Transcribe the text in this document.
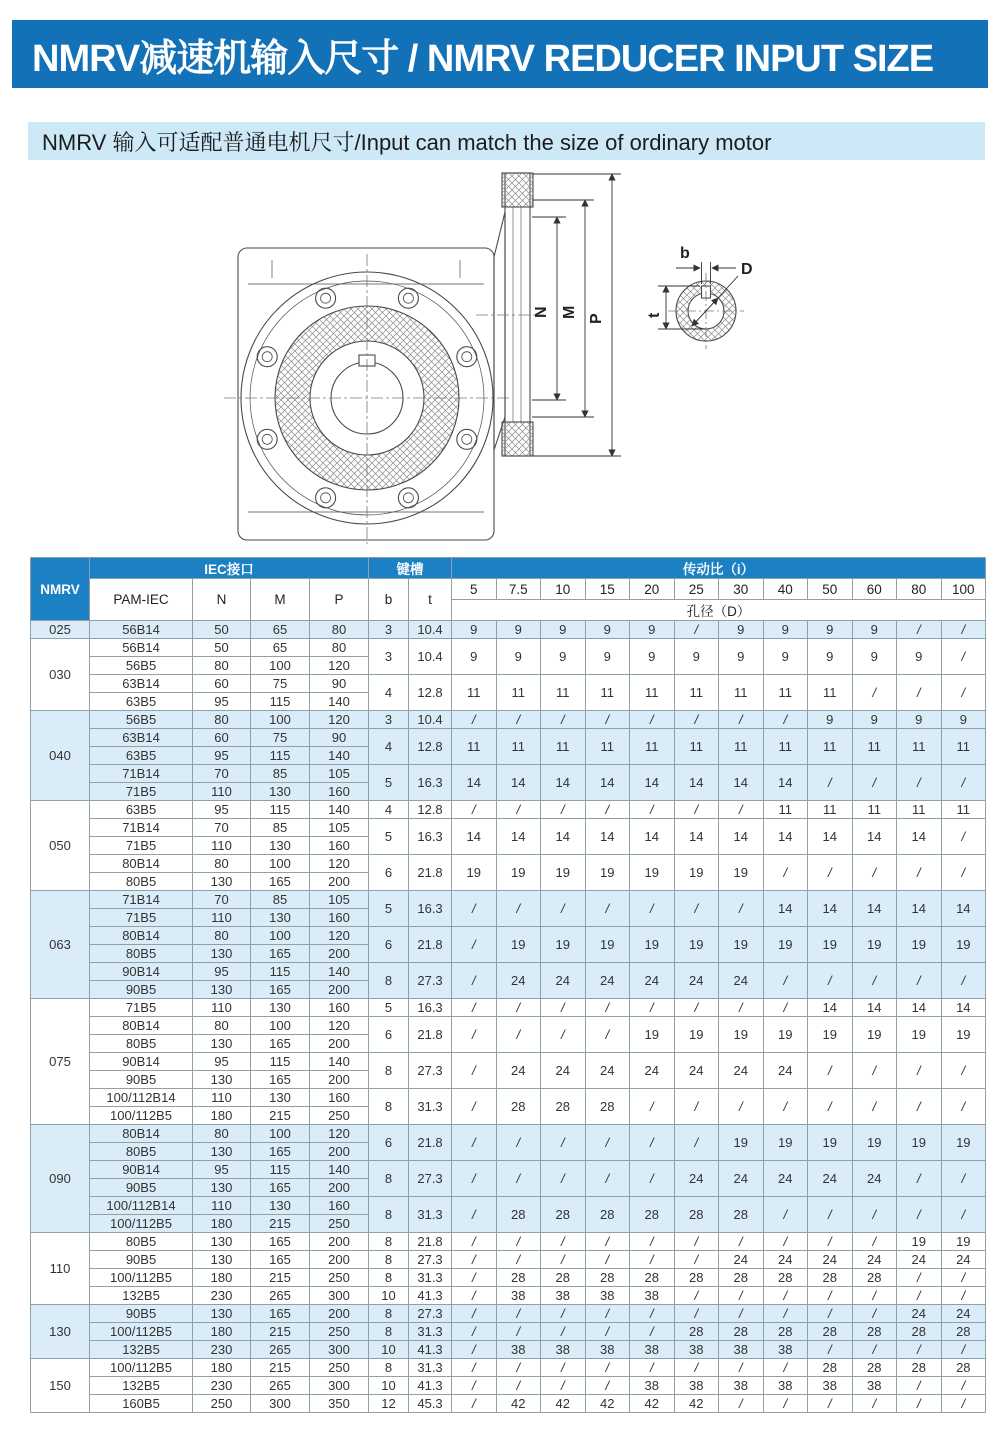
NMRV减速机输入尺寸 / NMRV REDUCER INPUT SIZE
NMRV 输入可适配普通电机尺寸/Input can match the size of ordinary motor
N M P
b
D
t
NMRV	IEC接口				键槽		传动比（i）											
	PAM-IEC	N	M	P	b	t	5	7.5	10	15	20	25	30	40	50	60	80	100
							孔径（D）											
025	56B14	50	65	80	3	10.4	9	9	9	9	9	/	9	9	9	9	/	/
030	56B14	50	65	80	3	10.4	9	9	9	9	9	9	9	9	9	9	9	/
	56B5	80	100	120														
	63B14	60	75	90	4	12.8	11	11	11	11	11	11	11	11	11	/	/	/
	63B5	95	115	140														
040	56B5	80	100	120	3	10.4	/	/	/	/	/	/	/	/	9	9	9	9
	63B14	60	75	90	4	12.8	11	11	11	11	11	11	11	11	11	11	11	11
	63B5	95	115	140														
	71B14	70	85	105	5	16.3	14	14	14	14	14	14	14	14	/	/	/	/
	71B5	110	130	160														
050	63B5	95	115	140	4	12.8	/	/	/	/	/	/	/	11	11	11	11	11
	71B14	70	85	105	5	16.3	14	14	14	14	14	14	14	14	14	14	14	/
	71B5	110	130	160														
	80B14	80	100	120	6	21.8	19	19	19	19	19	19	19	/	/	/	/	/
	80B5	130	165	200														
063	71B14	70	85	105	5	16.3	/	/	/	/	/	/	/	14	14	14	14	14
	71B5	110	130	160														
	80B14	80	100	120	6	21.8	/	19	19	19	19	19	19	19	19	19	19	19
	80B5	130	165	200														
	90B14	95	115	140	8	27.3	/	24	24	24	24	24	24	/	/	/	/	/
	90B5	130	165	200														
075	71B5	110	130	160	5	16.3	/	/	/	/	/	/	/	/	14	14	14	14
	80B14	80	100	120	6	21.8	/	/	/	/	19	19	19	19	19	19	19	19
	80B5	130	165	200														
	90B14	95	115	140	8	27.3	/	24	24	24	24	24	24	24	/	/	/	/
	90B5	130	165	200														
	100/112B14	110	130	160	8	31.3	/	28	28	28	/	/	/	/	/	/	/	/
	100/112B5	180	215	250														
090	80B14	80	100	120	6	21.8	/	/	/	/	/	/	19	19	19	19	19	19
	80B5	130	165	200														
	90B14	95	115	140	8	27.3	/	/	/	/	/	24	24	24	24	24	/	/
	90B5	130	165	200														
	100/112B14	110	130	160	8	31.3	/	28	28	28	28	28	28	/	/	/	/	/
	100/112B5	180	215	250														
110	80B5	130	165	200	8	21.8	/	/	/	/	/	/	/	/	/	/	19	19
	90B5	130	165	200	8	27.3	/	/	/	/	/	/	24	24	24	24	24	24
	100/112B5	180	215	250	8	31.3	/	28	28	28	28	28	28	28	28	28	/	/
	132B5	230	265	300	10	41.3	/	38	38	38	38	/	/	/	/	/	/	/
130	90B5	130	165	200	8	27.3	/	/	/	/	/	/	/	/	/	/	24	24
	100/112B5	180	215	250	8	31.3	/	/	/	/	/	28	28	28	28	28	28	28
	132B5	230	265	300	10	41.3	/	38	38	38	38	38	38	38	/	/	/	/
150	100/112B5	180	215	250	8	31.3	/	/	/	/	/	/	/	/	28	28	28	28
	132B5	230	265	300	10	41.3	/	/	/	/	38	38	38	38	38	38	/	/
	160B5	250	300	350	12	45.3	/	42	42	42	42	42	/	/	/	/	/	/
